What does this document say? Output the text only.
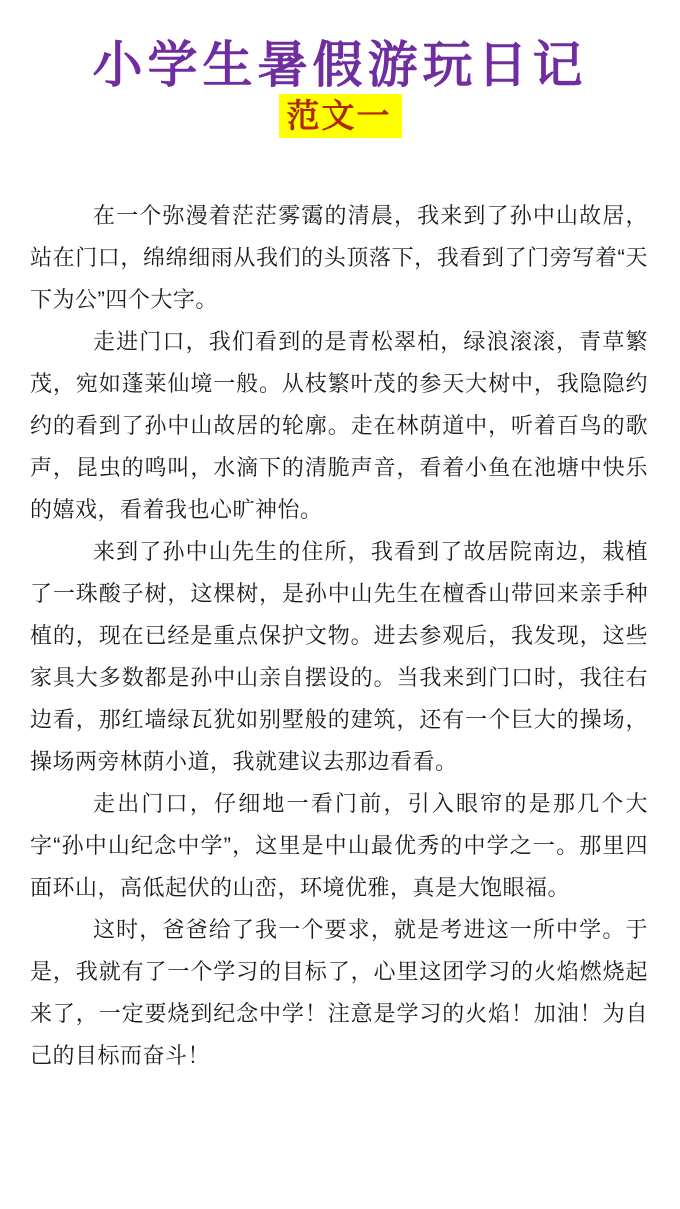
小学生暑假游玩日记
范文一

在一个弥漫着茫茫雾霭的清晨，我来到了孙中山故居，站在门口，绵绵细雨从我们的头顶落下，我看到了门旁写着“天下为公”四个大字。

走进门口，我们看到的是青松翠柏，绿浪滚滚，青草繁茂，宛如蓬莱仙境一般。从枝繁叶茂的参天大树中，我隐隐约约的看到了孙中山故居的轮廓。走在林荫道中，听着百鸟的歌声，昆虫的鸣叫，水滴下的清脆声音，看着小鱼在池塘中快乐的嬉戏，看着我也心旷神怡。

来到了孙中山先生的住所，我看到了故居院南边，栽植了一珠酸子树，这棵树，是孙中山先生在檀香山带回来亲手种植的，现在已经是重点保护文物。进去参观后，我发现，这些家具大多数都是孙中山亲自摆设的。当我来到门口时，我往右边看，那红墙绿瓦犹如别墅般的建筑，还有一个巨大的操场，操场两旁林荫小道，我就建议去那边看看。

走出门口，仔细地一看门前，引入眼帘的是那几个大字“孙中山纪念中学”，这里是中山最优秀的中学之一。那里四面环山，高低起伏的山峦，环境优雅，真是大饱眼福。

这时，爸爸给了我一个要求，就是考进这一所中学。于是，我就有了一个学习的目标了，心里这团学习的火焰燃烧起来了，一定要烧到纪念中学！注意是学习的火焰！加油！为自己的目标而奋斗！
